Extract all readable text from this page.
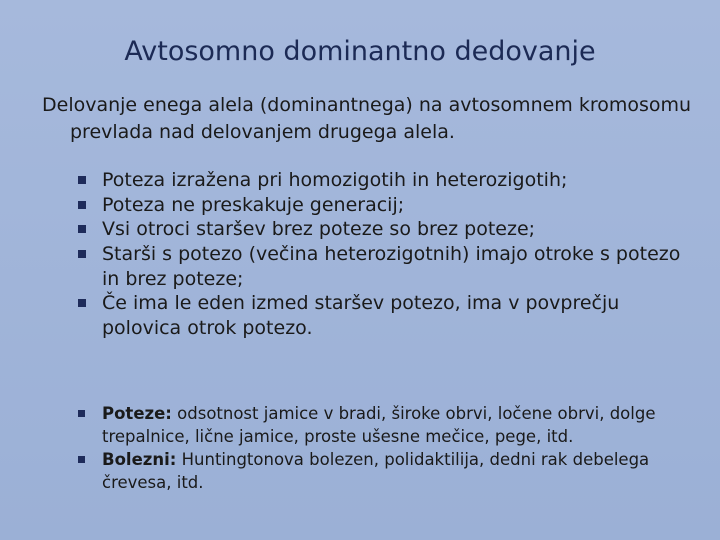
Avtosomno dominantno dedovanje
Delovanje enega alela (dominantnega) na avtosomnem kromosomu prevlada nad delovanjem drugega alela.
Poteza izražena pri homozigotih in heterozigotih;
Poteza ne preskakuje generacij;
Vsi otroci staršev brez poteze so brez poteze;
Starši s potezo (večina heterozigotnih) imajo otroke s potezo in brez poteze;
Če ima le eden izmed staršev potezo, ima v povprečju polovica otrok potezo.
Poteze: odsotnost jamice v bradi, široke obrvi, ločene obrvi, dolge trepalnice, lične jamice, proste ušesne mečice, pege, itd.
Bolezni: Huntingtonova bolezen, polidaktilija, dedni rak debelega črevesa, itd.
